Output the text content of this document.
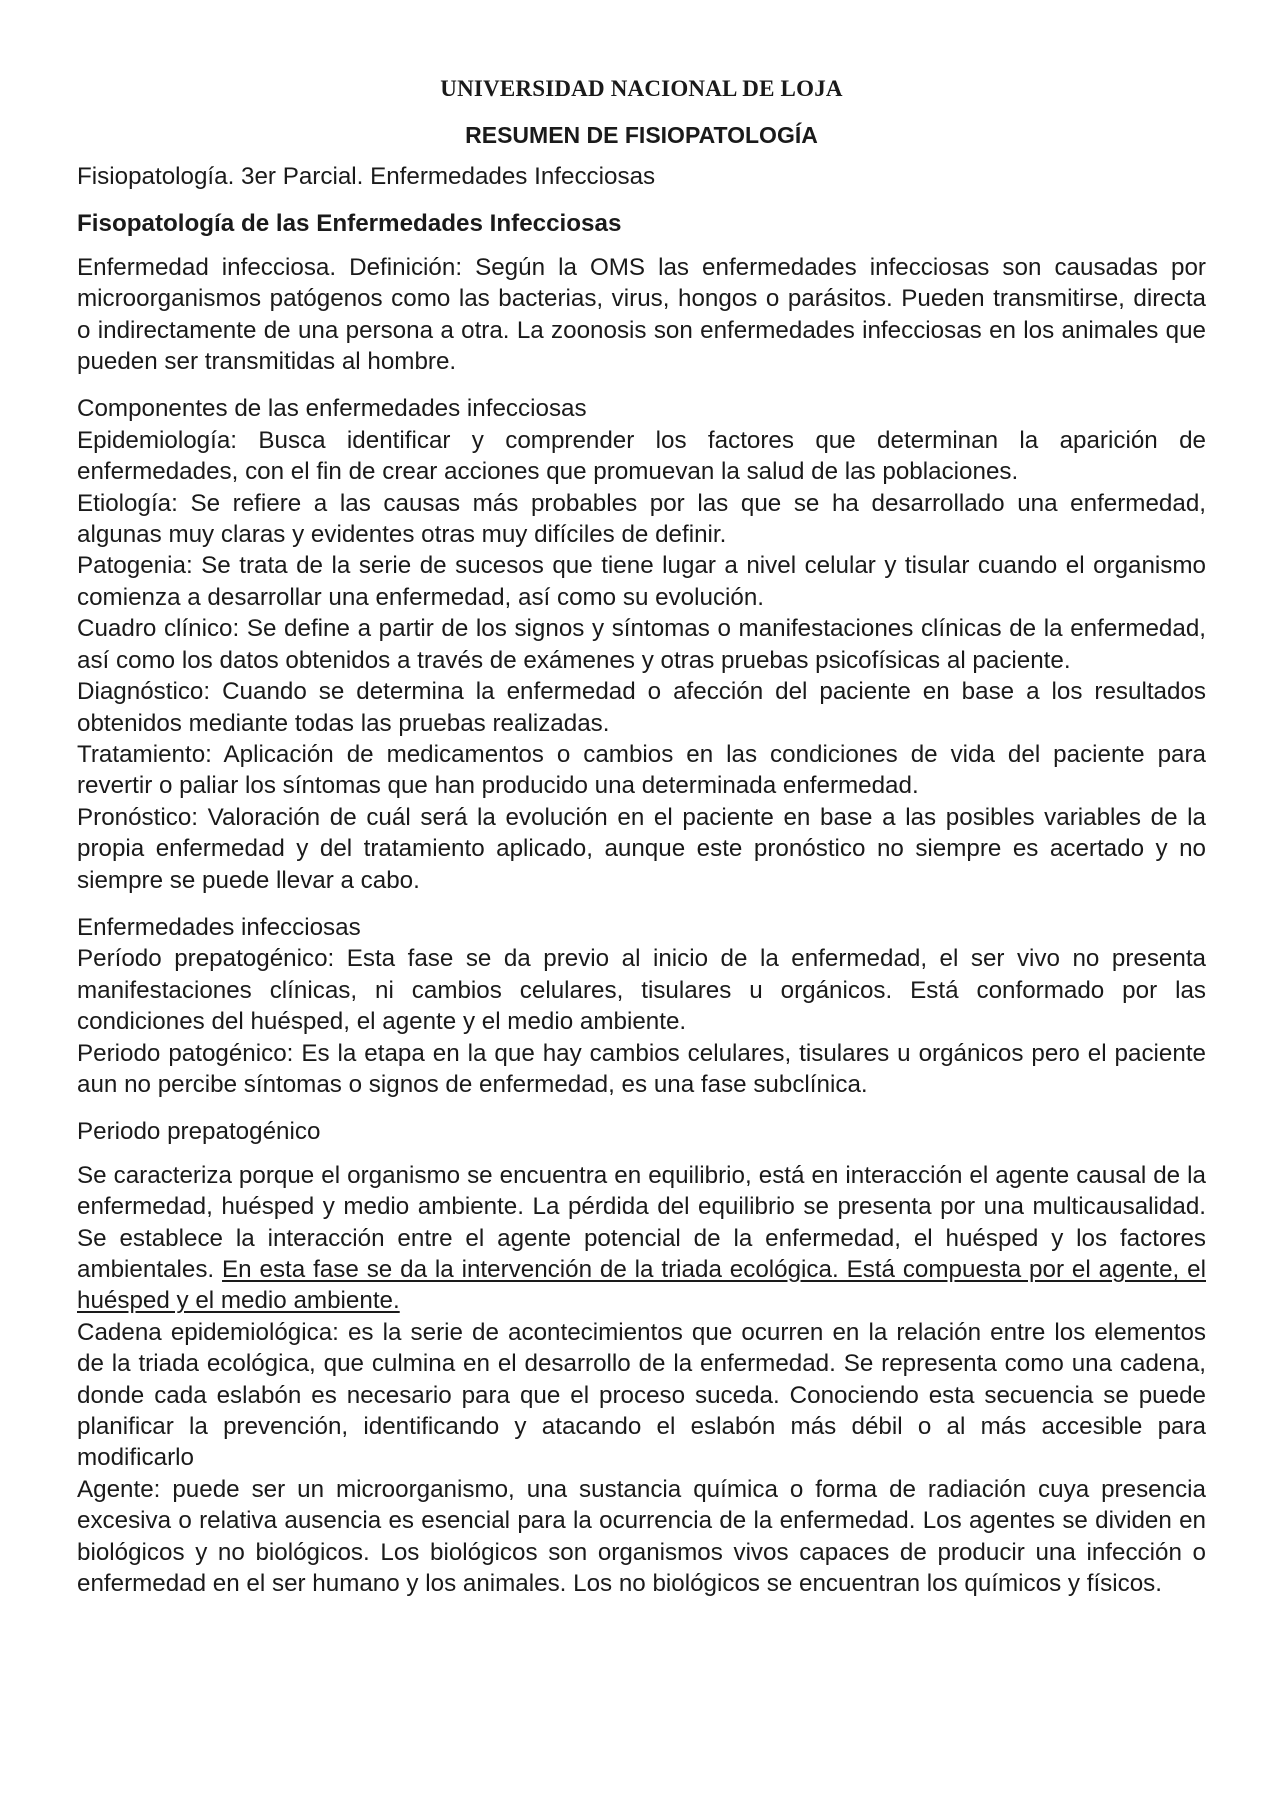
UNIVERSIDAD NACIONAL DE LOJA
RESUMEN DE FISIOPATOLOGÍA

Fisiopatología. 3er Parcial. Enfermedades Infecciosas

Fisopatología de las Enfermedades Infecciosas

Enfermedad infecciosa. Definición: Según la OMS las enfermedades infecciosas son causadas por microorganismos patógenos como las bacterias, virus, hongos o parásitos. Pueden transmitirse, directa o indirectamente de una persona a otra. La zoonosis son enfermedades infecciosas en los animales que pueden ser transmitidas al hombre.

Componentes de las enfermedades infecciosas

Epidemiología: Busca identificar y comprender los factores que determinan la aparición de enfermedades, con el fin de crear acciones que promuevan la salud de las poblaciones.

Etiología: Se refiere a las causas más probables por las que se ha desarrollado una enfermedad, algunas muy claras y evidentes otras muy difíciles de definir.

Patogenia: Se trata de la serie de sucesos que tiene lugar a nivel celular y tisular cuando el organismo comienza a desarrollar una enfermedad, así como su evolución.

Cuadro clínico: Se define a partir de los signos y síntomas o manifestaciones clínicas de la enfermedad, así como los datos obtenidos a través de exámenes y otras pruebas psicofísicas al paciente.

Diagnóstico: Cuando se determina la enfermedad o afección del paciente en base a los resultados obtenidos mediante todas las pruebas realizadas.

Tratamiento: Aplicación de medicamentos o cambios en las condiciones de vida del paciente para revertir o paliar los síntomas que han producido una determinada enfermedad.

Pronóstico: Valoración de cuál será la evolución en el paciente en base a las posibles variables de la propia enfermedad y del tratamiento aplicado, aunque este pronóstico no siempre es acertado y no siempre se puede llevar a cabo.

Enfermedades infecciosas

Período prepatogénico: Esta fase se da previo al inicio de la enfermedad, el ser vivo no presenta manifestaciones clínicas, ni cambios celulares, tisulares u orgánicos. Está conformado por las condiciones del huésped, el agente y el medio ambiente.

Periodo patogénico: Es la etapa en la que hay cambios celulares, tisulares u orgánicos pero el paciente aun no percibe síntomas o signos de enfermedad, es una fase subclínica.

Periodo prepatogénico

Se caracteriza porque el organismo se encuentra en equilibrio, está en interacción el agente causal de la enfermedad, huésped y medio ambiente. La pérdida del equilibrio se presenta por una multicausalidad. Se establece la interacción entre el agente potencial de la enfermedad, el huésped y los factores ambientales. En esta fase se da la intervención de la triada ecológica. Está compuesta por el agente, el huésped y el medio ambiente.

Cadena epidemiológica: es la serie de acontecimientos que ocurren en la relación entre los elementos de la triada ecológica, que culmina en el desarrollo de la enfermedad. Se representa como una cadena, donde cada eslabón es necesario para que el proceso suceda. Conociendo esta secuencia se puede planificar la prevención, identificando y atacando el eslabón más débil o al más accesible para modificarlo

Agente: puede ser un microorganismo, una sustancia química o forma de radiación cuya presencia excesiva o relativa ausencia es esencial para la ocurrencia de la enfermedad. Los agentes se dividen en biológicos y no biológicos. Los biológicos son organismos vivos capaces de producir una infección o enfermedad en el ser humano y los animales. Los no biológicos se encuentran los químicos y físicos.
